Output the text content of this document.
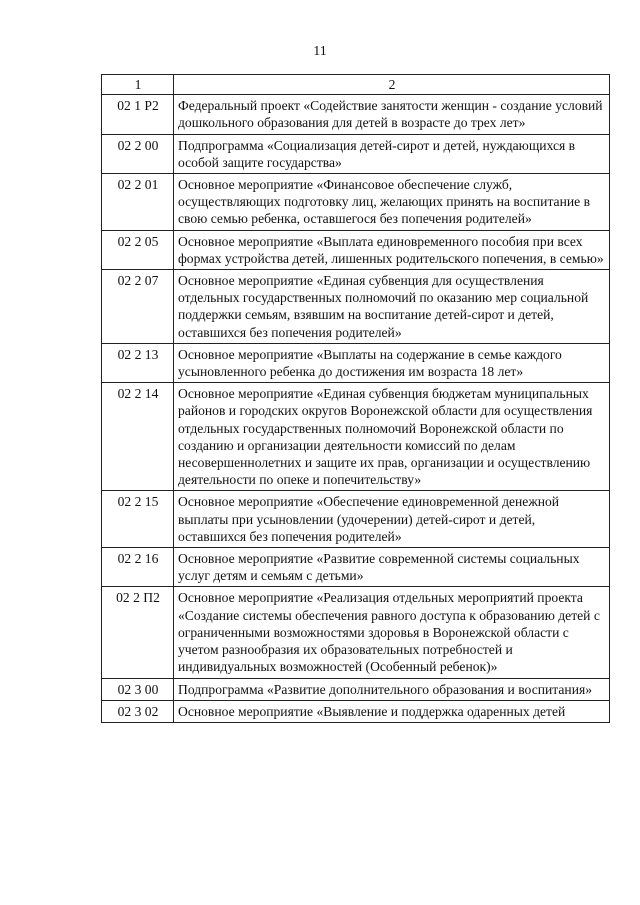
11
1	2
02 1 P2	Федеральный проект «Содействие занятости женщин - создание условий дошкольного образования для детей в возрасте до трех лет»
02 2 00	Подпрограмма «Социализация детей-сирот и детей, нуждающихся в особой защите государства»
02 2 01	Основное мероприятие «Финансовое обеспечение служб, осуществляющих подготовку лиц, желающих принять на воспитание в свою семью ребенка, оставшегося без попечения родителей»
02 2 05	Основное мероприятие «Выплата единовременного пособия при всех формах устройства детей, лишенных родительского попечения, в семью»
02 2 07	Основное мероприятие «Единая субвенция для осуществления отдельных государственных полномочий по оказанию мер социальной поддержки семьям, взявшим на воспитание детей-сирот и детей, оставшихся без попечения родителей»
02 2 13	Основное мероприятие «Выплаты на содержание в семье каждого усыновленного ребенка до достижения им возраста 18 лет»
02 2 14	Основное мероприятие «Единая субвенция бюджетам муниципальных районов и городских округов Воронежской области для осуществления отдельных государственных полномочий Воронежской области по созданию и организации деятельности комиссий по делам несовершеннолетних и защите их прав, организации и осуществлению деятельности по опеке и попечительству»
02 2 15	Основное мероприятие «Обеспечение единовременной денежной выплаты при усыновлении (удочерении) детей-сирот и детей, оставшихся без попечения родителей»
02 2 16	Основное мероприятие «Развитие современной системы социальных услуг детям и семьям с детьми»
02 2 П2	Основное мероприятие «Реализация отдельных мероприятий проекта «Создание системы обеспечения равного доступа к образованию детей с ограниченными возможностями здоровья в Воронежской области с учетом разнообразия их образовательных потребностей и индивидуальных возможностей (Особенный ребенок)»
02 3 00	Подпрограмма «Развитие дополнительного образования и воспитания»
02 3 02	Основное мероприятие «Выявление и поддержка одаренных детей
